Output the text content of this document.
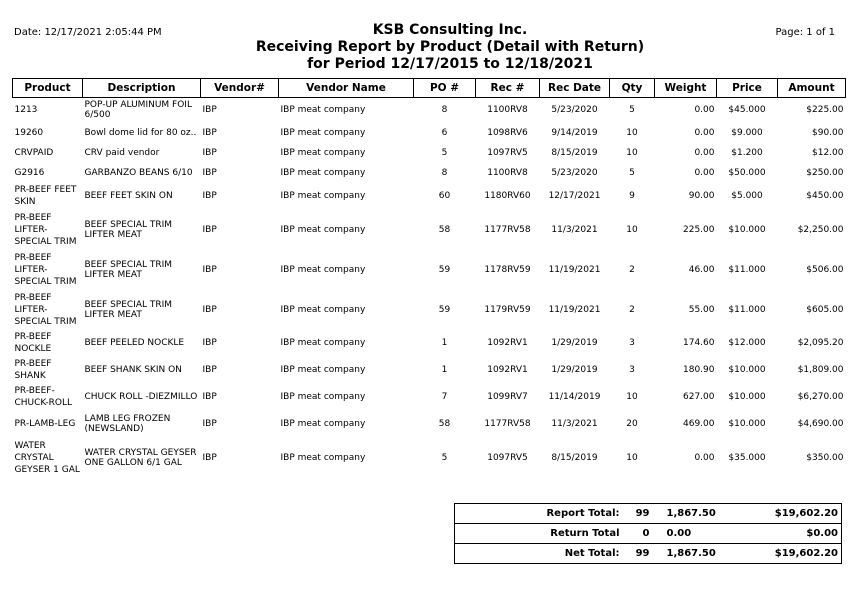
Date: 12/17/2021 2:05:44 PM	Page: 1 of 1
KSB Consulting Inc.
Receiving Report by Product (Detail with Return)
for Period 12/17/2015 to 12/18/2021
Product	Description	Vendor#	Vendor Name	PO #	Rec #	Rec Date	Qty	Weight	Price	Amount
1213	POP-UP ALUMINUM FOIL 6/500	IBP	IBP meat company	8	1100RV8	5/23/2020	5	0.00	$45.000	$225.00
19260	Bowl dome lid for 80 oz..	IBP	IBP meat company	6	1098RV6	9/14/2019	10	0.00	$9.000	$90.00
CRVPAID	CRV paid vendor	IBP	IBP meat company	5	1097RV5	8/15/2019	10	0.00	$1.200	$12.00
G2916	GARBANZO BEANS 6/10	IBP	IBP meat company	8	1100RV8	5/23/2020	5	0.00	$50.000	$250.00
PR-BEEF FEET SKIN	BEEF FEET SKIN ON	IBP	IBP meat company	60	1180RV60	12/17/2021	9	90.00	$5.000	$450.00
PR-BEEF LIFTER-SPECIAL TRIM	BEEF SPECIAL TRIM LIFTER MEAT	IBP	IBP meat company	58	1177RV58	11/3/2021	10	225.00	$10.000	$2,250.00
PR-BEEF LIFTER-SPECIAL TRIM	BEEF SPECIAL TRIM LIFTER MEAT	IBP	IBP meat company	59	1178RV59	11/19/2021	2	46.00	$11.000	$506.00
PR-BEEF LIFTER-SPECIAL TRIM	BEEF SPECIAL TRIM LIFTER MEAT	IBP	IBP meat company	59	1179RV59	11/19/2021	2	55.00	$11.000	$605.00
PR-BEEF NOCKLE	BEEF PEELED NOCKLE	IBP	IBP meat company	1	1092RV1	1/29/2019	3	174.60	$12.000	$2,095.20
PR-BEEF SHANK	BEEF SHANK SKIN ON	IBP	IBP meat company	1	1092RV1	1/29/2019	3	180.90	$10.000	$1,809.00
PR-BEEF-CHUCK-ROLL	CHUCK ROLL -DIEZMILLO	IBP	IBP meat company	7	1099RV7	11/14/2019	10	627.00	$10.000	$6,270.00
PR-LAMB-LEG	LAMB LEG FROZEN (NEWSLAND)	IBP	IBP meat company	58	1177RV58	11/3/2021	20	469.00	$10.000	$4,690.00
WATER CRYSTAL GEYSER 1 GAL	WATER CRYSTAL GEYSER ONE GALLON 6/1 GAL	IBP	IBP meat company	5	1097RV5	8/15/2019	10	0.00	$35.000	$350.00
Report Total:	99	1,867.50	$19,602.20
Return Total	0	0.00	$0.00
Net Total:	99	1,867.50	$19,602.20
